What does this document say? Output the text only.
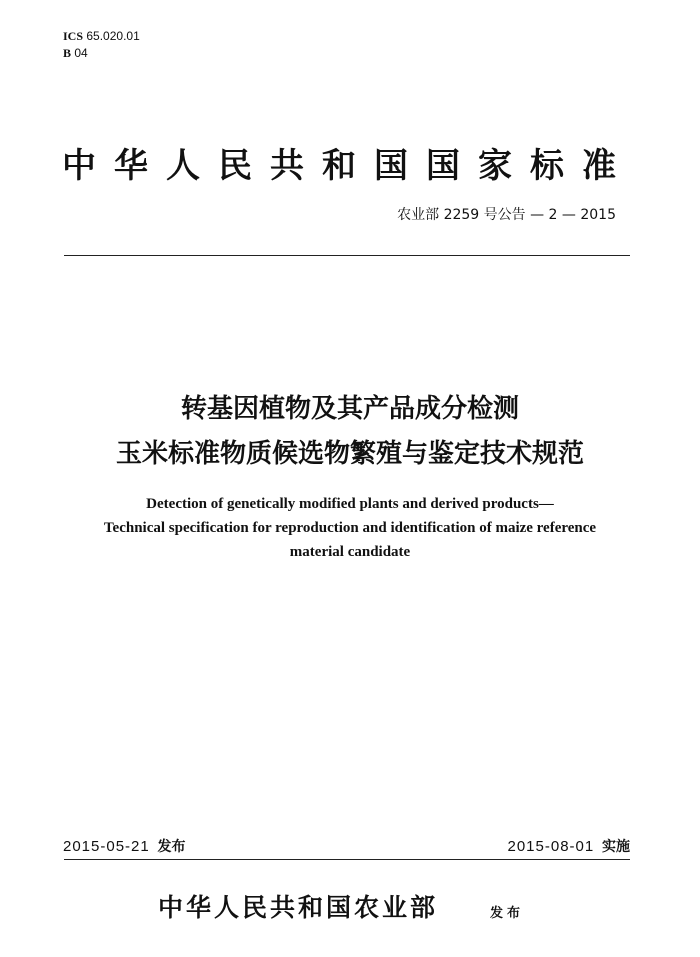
ICS 65.020.01
B 04
中华人民共和国国家标准
农业部 2259 号公告 — 2 — 2015
转基因植物及其产品成分检测
玉米标准物质候选物繁殖与鉴定技术规范
Detection of genetically modified plants and derived products—
Technical specification for reproduction and identification of maize reference
material candidate
2015-05-21 发布	2015-08-01 实施
中华人民共和国农业部	发布
